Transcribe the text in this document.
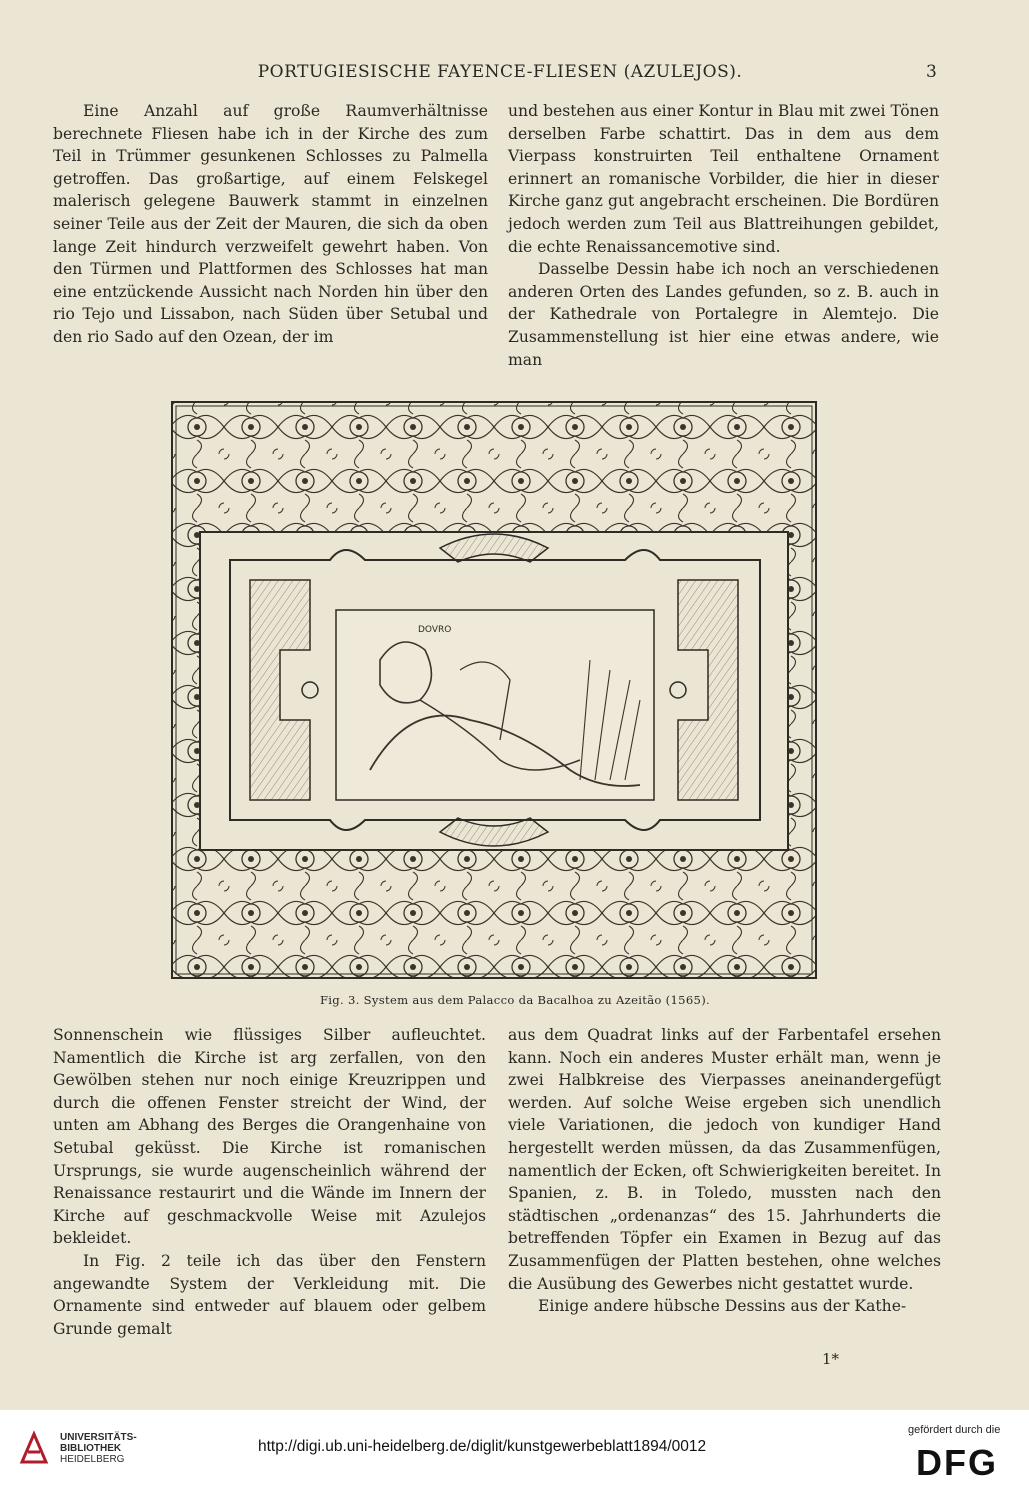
PORTUGIESISCHE FAYENCE-FLIESEN (AZULEJOS).	3

Eine Anzahl auf große Raumverhältnisse berechnete Fliesen habe ich in der Kirche des zum Teil in Trümmer gesunkenen Schlosses zu Palmella getroffen. Das großartige, auf einem Felskegel malerisch gelegene Bauwerk stammt in einzelnen seiner Teile aus der Zeit der Mauren, die sich da oben lange Zeit hindurch verzweifelt gewehrt haben. Von den Türmen und Plattformen des Schlosses hat man eine entzückende Aussicht nach Norden hin über den rio Tejo und Lissabon, nach Süden über Setubal und den rio Sado auf den Ozean, der im

und bestehen aus einer Kontur in Blau mit zwei Tönen derselben Farbe schattirt. Das in dem aus dem Vierpass konstruirten Teil enthaltene Ornament erinnert an romanische Vorbilder, die hier in dieser Kirche ganz gut angebracht erscheinen. Die Bordüren jedoch werden zum Teil aus Blattreihungen gebildet, die echte Renaissancemotive sind.

Dasselbe Dessin habe ich noch an verschiedenen anderen Orten des Landes gefunden, so z. B. auch in der Kathedrale von Portalegre in Alemtejo. Die Zusammenstellung ist hier eine etwas andere, wie man

DOVRO
Fig. 3. System aus dem Palacco da Bacalhoa zu Azeitão (1565).

Sonnenschein wie flüssiges Silber aufleuchtet. Namentlich die Kirche ist arg zerfallen, von den Gewölben stehen nur noch einige Kreuzrippen und durch die offenen Fenster streicht der Wind, der unten am Abhang des Berges die Orangenhaine von Setubal geküsst. Die Kirche ist romanischen Ursprungs, sie wurde augenscheinlich während der Renaissance restaurirt und die Wände im Innern der Kirche auf geschmackvolle Weise mit Azulejos bekleidet.

In Fig. 2 teile ich das über den Fenstern angewandte System der Verkleidung mit. Die Ornamente sind entweder auf blauem oder gelbem Grunde gemalt

aus dem Quadrat links auf der Farbentafel ersehen kann. Noch ein anderes Muster erhält man, wenn je zwei Halbkreise des Vierpasses aneinandergefügt werden. Auf solche Weise ergeben sich unendlich viele Variationen, die jedoch von kundiger Hand hergestellt werden müssen, da das Zusammenfügen, namentlich der Ecken, oft Schwierigkeiten bereitet. In Spanien, z. B. in Toledo, mussten nach den städtischen „ordenanzas“ des 15. Jahrhunderts die betreffenden Töpfer ein Examen in Bezug auf das Zusammenfügen der Platten bestehen, ohne welches die Ausübung des Gewerbes nicht gestattet wurde.

Einige andere hübsche Dessins aus der Kathe-

1*
UNIVERSITÄTS-
BIBLIOTHEK
HEIDELBERG
http://digi.ub.uni-heidelberg.de/diglit/kunstgewerbeblatt1894/0012
gefördert durch die
DFG
